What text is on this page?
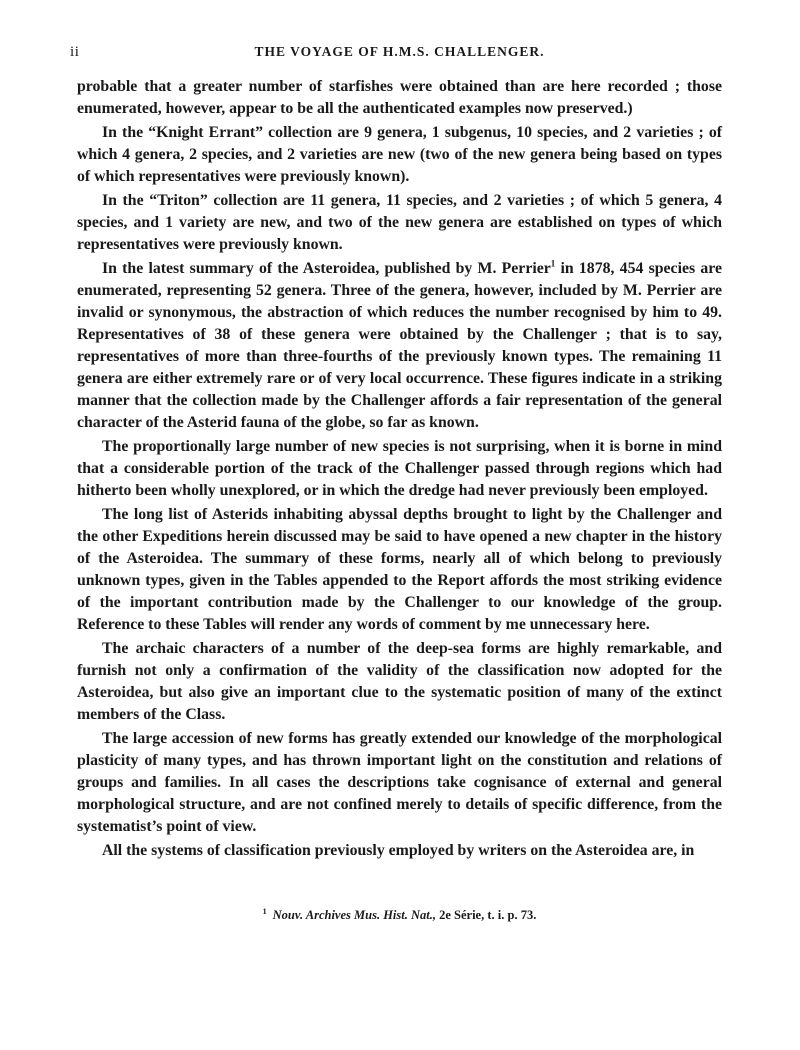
ii	THE VOYAGE OF H.M.S. CHALLENGER.

probable that a greater number of starfishes were obtained than are here recorded ; those enumerated, however, appear to be all the authenticated examples now preserved.)

In the “Knight Errant” collection are 9 genera, 1 subgenus, 10 species, and 2 varieties ; of which 4 genera, 2 species, and 2 varieties are new (two of the new genera being based on types of which representatives were previously known).

In the “Triton” collection are 11 genera, 11 species, and 2 varieties ; of which 5 genera, 4 species, and 1 variety are new, and two of the new genera are established on types of which representatives were previously known.

In the latest summary of the Asteroidea, published by M. Perrier$^1$ in 1878, 454 species are enumerated, representing 52 genera. Three of the genera, however, included by M. Perrier are invalid or synonymous, the abstraction of which reduces the number recognised by him to 49. Representatives of 38 of these genera were obtained by the Challenger ; that is to say, representatives of more than three-fourths of the previously known types. The remaining 11 genera are either extremely rare or of very local occurrence. These figures indicate in a striking manner that the collection made by the Challenger affords a fair representation of the general character of the Asterid fauna of the globe, so far as known.

The proportionally large number of new species is not surprising, when it is borne in mind that a considerable portion of the track of the Challenger passed through regions which had hitherto been wholly unexplored, or in which the dredge had never previously been employed.

The long list of Asterids inhabiting abyssal depths brought to light by the Challenger and the other Expeditions herein discussed may be said to have opened a new chapter in the history of the Asteroidea. The summary of these forms, nearly all of which belong to previously unknown types, given in the Tables appended to the Report affords the most striking evidence of the important contribution made by the Challenger to our knowledge of the group. Reference to these Tables will render any words of comment by me unnecessary here.

The archaic characters of a number of the deep-sea forms are highly remarkable, and furnish not only a confirmation of the validity of the classification now adopted for the Asteroidea, but also give an important clue to the systematic position of many of the extinct members of the Class.

The large accession of new forms has greatly extended our knowledge of the morphological plasticity of many types, and has thrown important light on the constitution and relations of groups and families. In all cases the descriptions take cognisance of external and general morphological structure, and are not confined merely to details of specific difference, from the systematist’s point of view.

All the systems of classification previously employed by writers on the Asteroidea are, in

$^1$ Nouv. Archives Mus. Hist. Nat., 2e Série, t. i. p. 73.
